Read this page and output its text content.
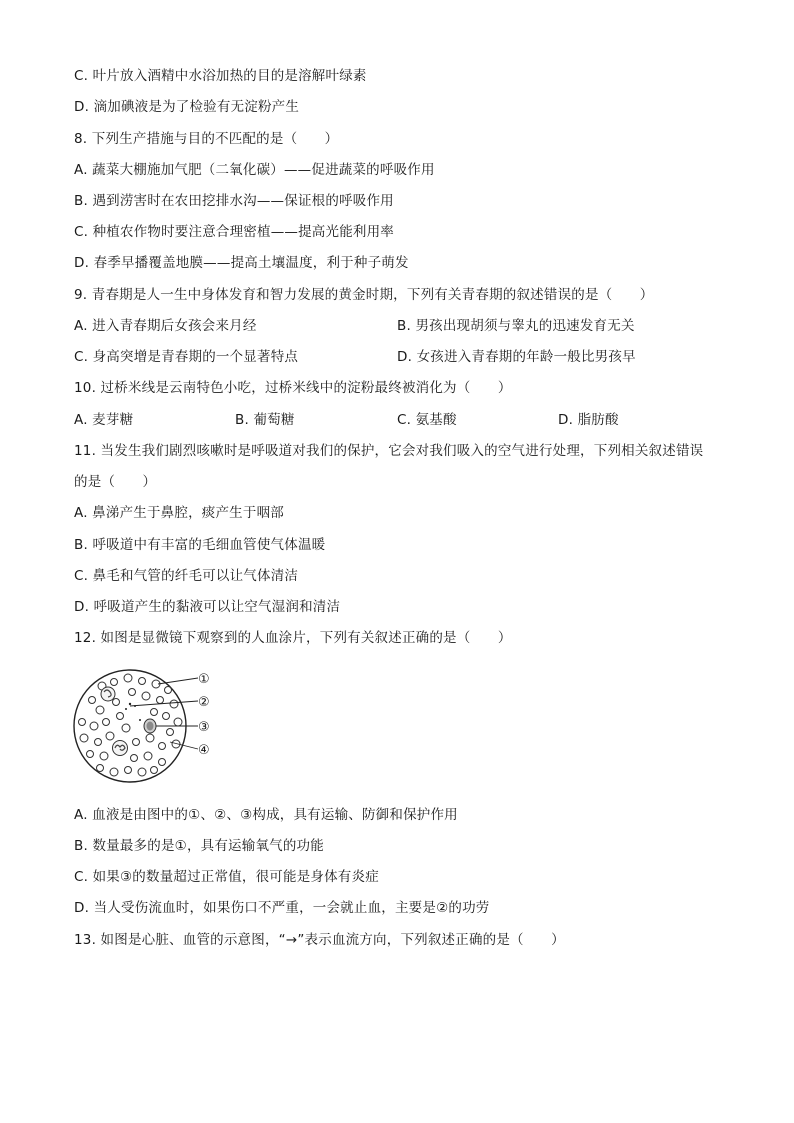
C. 叶片放入酒精中水浴加热的目的是溶解叶绿素
D. 滴加碘液是为了检验有无淀粉产生
8. 下列生产措施与目的不匹配的是（　　）
A. 蔬菜大棚施加气肥（二氧化碳）——促进蔬菜的呼吸作用
B. 遇到涝害时在农田挖排水沟——保证根的呼吸作用
C. 种植农作物时要注意合理密植——提高光能利用率
D. 春季早播覆盖地膜——提高土壤温度，利于种子萌发
9. 青春期是人一生中身体发育和智力发展的黄金时期，下列有关青春期的叙述错误的是（　　）
A. 进入青春期后女孩会来月经	B. 男孩出现胡须与睾丸的迅速发育无关
C. 身高突增是青春期的一个显著特点	D. 女孩进入青春期的年龄一般比男孩早
10. 过桥米线是云南特色小吃，过桥米线中的淀粉最终被消化为（　　）
A. 麦芽糖	B. 葡萄糖	C. 氨基酸	D. 脂肪酸
11. 当发生我们剧烈咳嗽时是呼吸道对我们的保护，它会对我们吸入的空气进行处理，下列相关叙述错误
的是（　　）
A. 鼻涕产生于鼻腔，痰产生于咽部
B. 呼吸道中有丰富的毛细血管使气体温暖
C. 鼻毛和气管的纤毛可以让气体清洁
D. 呼吸道产生的黏液可以让空气湿润和清洁
12. 如图是显微镜下观察到的人血涂片，下列有关叙述正确的是（　　）
①
②
③
④
A. 血液是由图中的①、②、③构成，具有运输、防御和保护作用
B. 数量最多的是①，具有运输氧气的功能
C. 如果③的数量超过正常值，很可能是身体有炎症
D. 当人受伤流血时，如果伤口不严重，一会就止血，主要是②的功劳
13. 如图是心脏、血管的示意图，“→”表示血流方向，下列叙述正确的是（　　）
